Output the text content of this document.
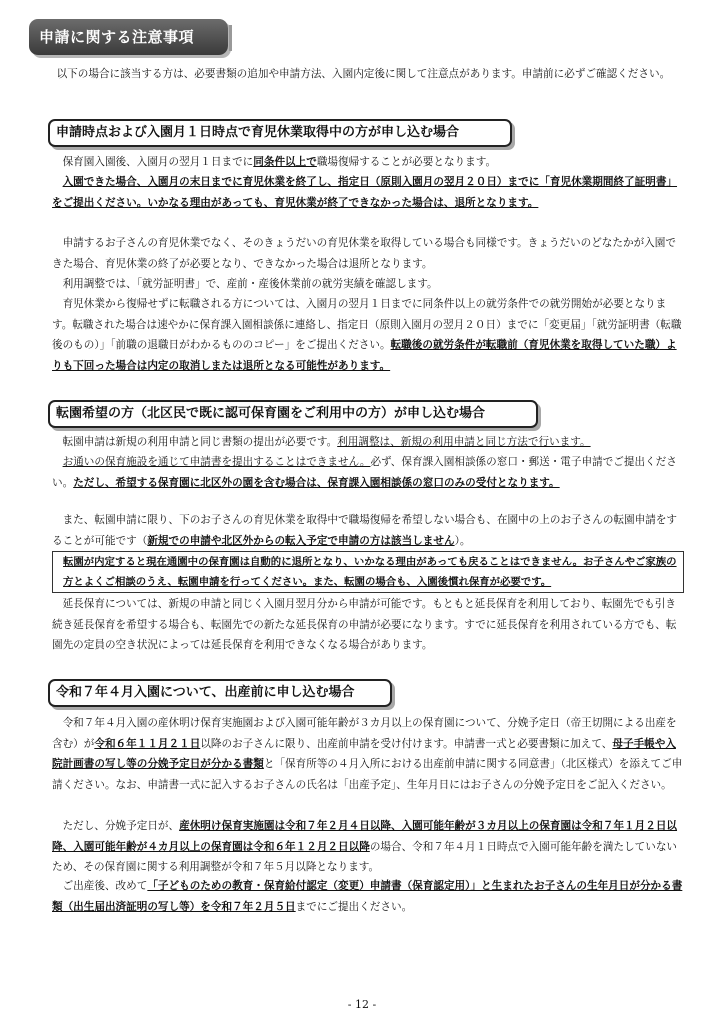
申請に関する注意事項

 以下の場合に該当する方は、必要書類の追加や申請方法、入園内定後に関して注意点があります。申請前に必ずご確認ください。

申請時点および入園月１日時点で育児休業取得中の方が申し込む場合

 保育園入園後、入園月の翌月１日までに同条件以上で職場復帰することが必要となります。

 入園できた場合、入園月の末日までに育児休業を終了し、指定日（原則入園月の翌月２０日）までに「育児休業期間終了証明書」をご提出ください。いかなる理由があっても、育児休業が終了できなかった場合は、退所となります。

 申請するお子さんの育児休業でなく、そのきょうだいの育児休業を取得している場合も同様です。きょうだいのどなたかが入園できた場合、育児休業の終了が必要となり、できなかった場合は退所となります。

 利用調整では、「就労証明書」で、産前・産後休業前の就労実績を確認します。

 育児休業から復帰せずに転職される方については、入園月の翌月１日までに同条件以上の就労条件での就労開始が必要となります。転職された場合は速やかに保育課入園相談係に連絡し、指定日（原則入園月の翌月２０日）までに「変更届」「就労証明書（転職後のもの）」「前職の退職日がわかるもののコピー」をご提出ください。転職後の就労条件が転職前（育児休業を取得していた職）よりも下回った場合は内定の取消しまたは退所となる可能性があります。

転園希望の方（北区民で既に認可保育園をご利用中の方）が申し込む場合

 転園申請は新規の利用申請と同じ書類の提出が必要です。利用調整は、新規の利用申請と同じ方法で行います。

 お通いの保育施設を通じて申請書を提出することはできません。必ず、保育課入園相談係の窓口・郵送・電子申請でご提出ください。ただし、希望する保育園に北区外の園を含む場合は、保育課入園相談係の窓口のみの受付となります。

 また、転園申請に限り、下のお子さんの育児休業を取得中で職場復帰を希望しない場合も、在園中の上のお子さんの転園申請をすることが可能です（新規での申請や北区外からの転入予定で申請の方は該当しません）。

転園が内定すると現在通園中の保育園は自動的に退所となり、いかなる理由があっても戻ることはできません。お子さんやご家族の方とよくご相談のうえ、転園申請を行ってください。また、転園の場合も、入園後慣れ保育が必要です。

 延長保育については、新規の申請と同じく入園月翌月分から申請が可能です。もともと延長保育を利用しており、転園先でも引き続き延長保育を希望する場合も、転園先での新たな延長保育の申請が必要になります。すでに延長保育を利用されている方でも、転園先の定員の空き状況によっては延長保育を利用できなくなる場合があります。

令和７年４月入園について、出産前に申し込む場合

 令和７年４月入園の産休明け保育実施園および入園可能年齢が３カ月以上の保育園について、分娩予定日（帝王切開による出産を含む）が令和６年１１月２１日以降のお子さんに限り、出産前申請を受け付けます。申請書一式と必要書類に加えて、母子手帳や入院計画書の写し等の分娩予定日が分かる書類と「保育所等の４月入所における出産前申請に関する同意書」（北区様式）を添えてご申請ください。なお、申請書一式に記入するお子さんの氏名は「出産予定」、生年月日にはお子さんの分娩予定日をご記入ください。

 ただし、分娩予定日が、産休明け保育実施園は令和７年２月４日以降、入園可能年齢が３カ月以上の保育園は令和７年１月２日以降、入園可能年齢が４カ月以上の保育園は令和６年１２月２日以降の場合、令和７年４月１日時点で入園可能年齢を満たしていないため、その保育園に関する利用調整が令和７年５月以降となります。

 ご出産後、改めて「子どものための教育・保育給付認定（変更）申請書（保育認定用）」と生まれたお子さんの生年月日が分かる書類（出生届出済証明の写し等）を令和７年２月５日までにご提出ください。

- 12 -
